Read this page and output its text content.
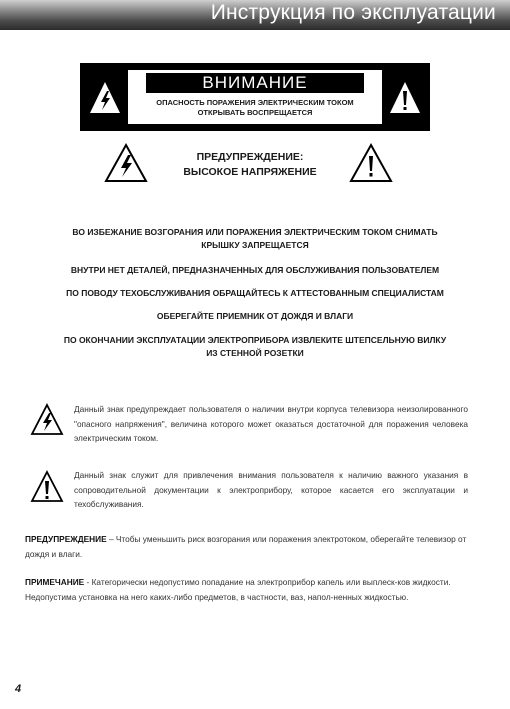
Инструкция по эксплуатации
ВНИМАНИЕ
ОПАСНОСТЬ ПОРАЖЕНИЯ ЭЛЕКТРИЧЕСКИМ ТОКОМ
ОТКРЫВАТЬ ВОСПРЕЩАЕТСЯ
ПРЕДУПРЕЖДЕНИЕ:
ВЫСОКОЕ НАПРЯЖЕНИЕ
ВО ИЗБЕЖАНИЕ ВОЗГОРАНИЯ ИЛИ ПОРАЖЕНИЯ ЭЛЕКТРИЧЕСКИМ ТОКОМ СНИМАТЬ
КРЫШКУ ЗАПРЕЩАЕТСЯ
ВНУТРИ НЕТ ДЕТАЛЕЙ, ПРЕДНАЗНАЧЕННЫХ ДЛЯ ОБСЛУЖИВАНИЯ ПОЛЬЗОВАТЕЛЕМ
ПО ПОВОДУ ТЕХОБСЛУЖИВАНИЯ ОБРАЩАЙТЕСЬ К АТТЕСТОВАННЫМ СПЕЦИАЛИСТАМ
ОБЕРЕГАЙТЕ ПРИЕМНИК ОТ ДОЖДЯ И ВЛАГИ
ПО ОКОНЧАНИИ ЭКСПЛУАТАЦИИ ЭЛЕКТРОПРИБОРА ИЗВЛЕКИТЕ ШТЕПСЕЛЬНУЮ ВИЛКУ
ИЗ СТЕННОЙ РОЗЕТКИ
Данный знак предупреждает пользователя о наличии внутри корпуса телевизора неизолированного "опасного напряжения", величина которого может оказаться достаточной для поражения человека электрическим током.
Данный знак служит для привлечения внимания пользователя к наличию важного указания в сопроводительной документации к электроприбору, которое касается его эксплуатации и техобслуживания.
ПРЕДУПРЕЖДЕНИЕ – Чтобы уменьшить риск возгорания или поражения электротоком, оберегайте телевизор от дождя и влаги.
ПРИМЕЧАНИЕ - Категорически недопустимо попадание на электроприбор капель или выплеск-ков жидкости. Недопустима установка на него каких-либо предметов, в частности, ваз, напол-ненных жидкостью.
4
